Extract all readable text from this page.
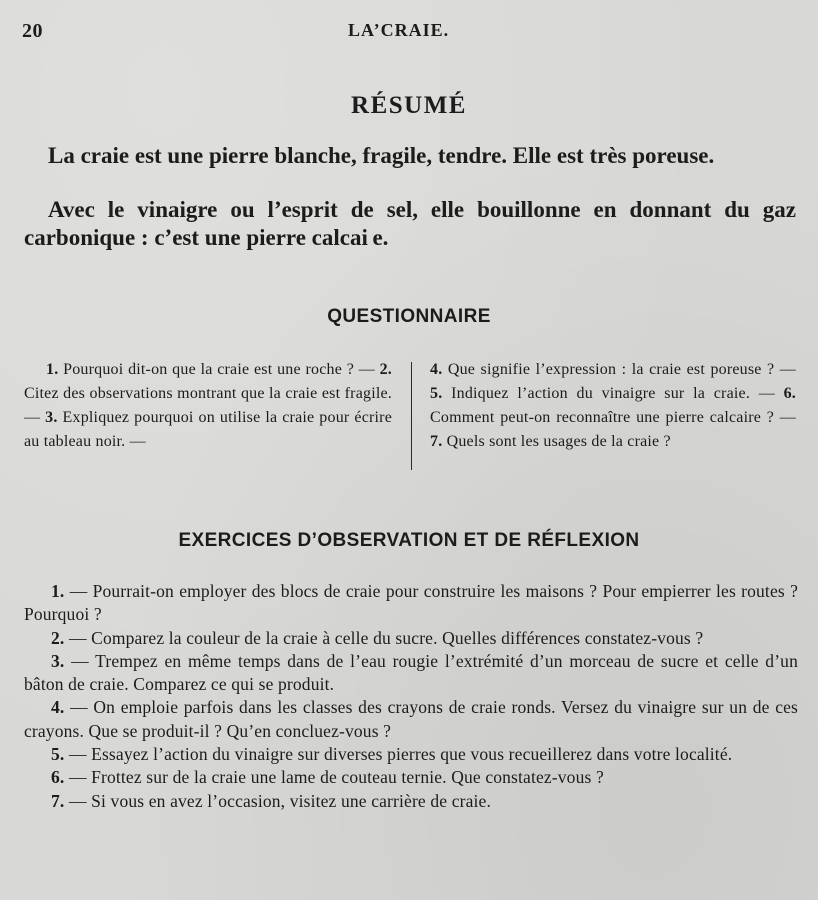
20	LA’CRAIE.
RÉSUMÉ

La craie est une pierre blanche, fragile, tendre. Elle est très poreuse.

Avec le vinaigre ou l’esprit de sel, elle bouillonne en donnant du gaz carbonique : c’est une pierre calcai e.

QUESTIONNAIRE

1. Pourquoi dit-on que la craie est une roche ? — 2. Citez des observations montrant que la craie est fragile. — 3. Expliquez pourquoi on utilise la craie pour écrire au tableau noir. —

4. Que signifie l’expression : la craie est poreuse ? — 5. Indiquez l’action du vinaigre sur la craie. — 6. Comment peut-on reconnaître une pierre calcaire ? — 7. Quels sont les usages de la craie ?

EXERCICES D’OBSERVATION ET DE RÉFLEXION
1. — Pourrait-on employer des blocs de craie pour construire les maisons ? Pour empierrer les routes ? Pourquoi ?
2. — Comparez la couleur de la craie à celle du sucre. Quelles différences constatez-vous ?
3. — Trempez en même temps dans de l’eau rougie l’extrémité d’un morceau de sucre et celle d’un bâton de craie. Comparez ce qui se produit.
4. — On emploie parfois dans les classes des crayons de craie ronds. Versez du vinaigre sur un de ces crayons. Que se produit-il ? Qu’en concluez-vous ?
5. — Essayez l’action du vinaigre sur diverses pierres que vous recueillerez dans votre localité.
6. — Frottez sur de la craie une lame de couteau ternie. Que constatez-vous ?
7. — Si vous en avez l’occasion, visitez une carrière de craie.
